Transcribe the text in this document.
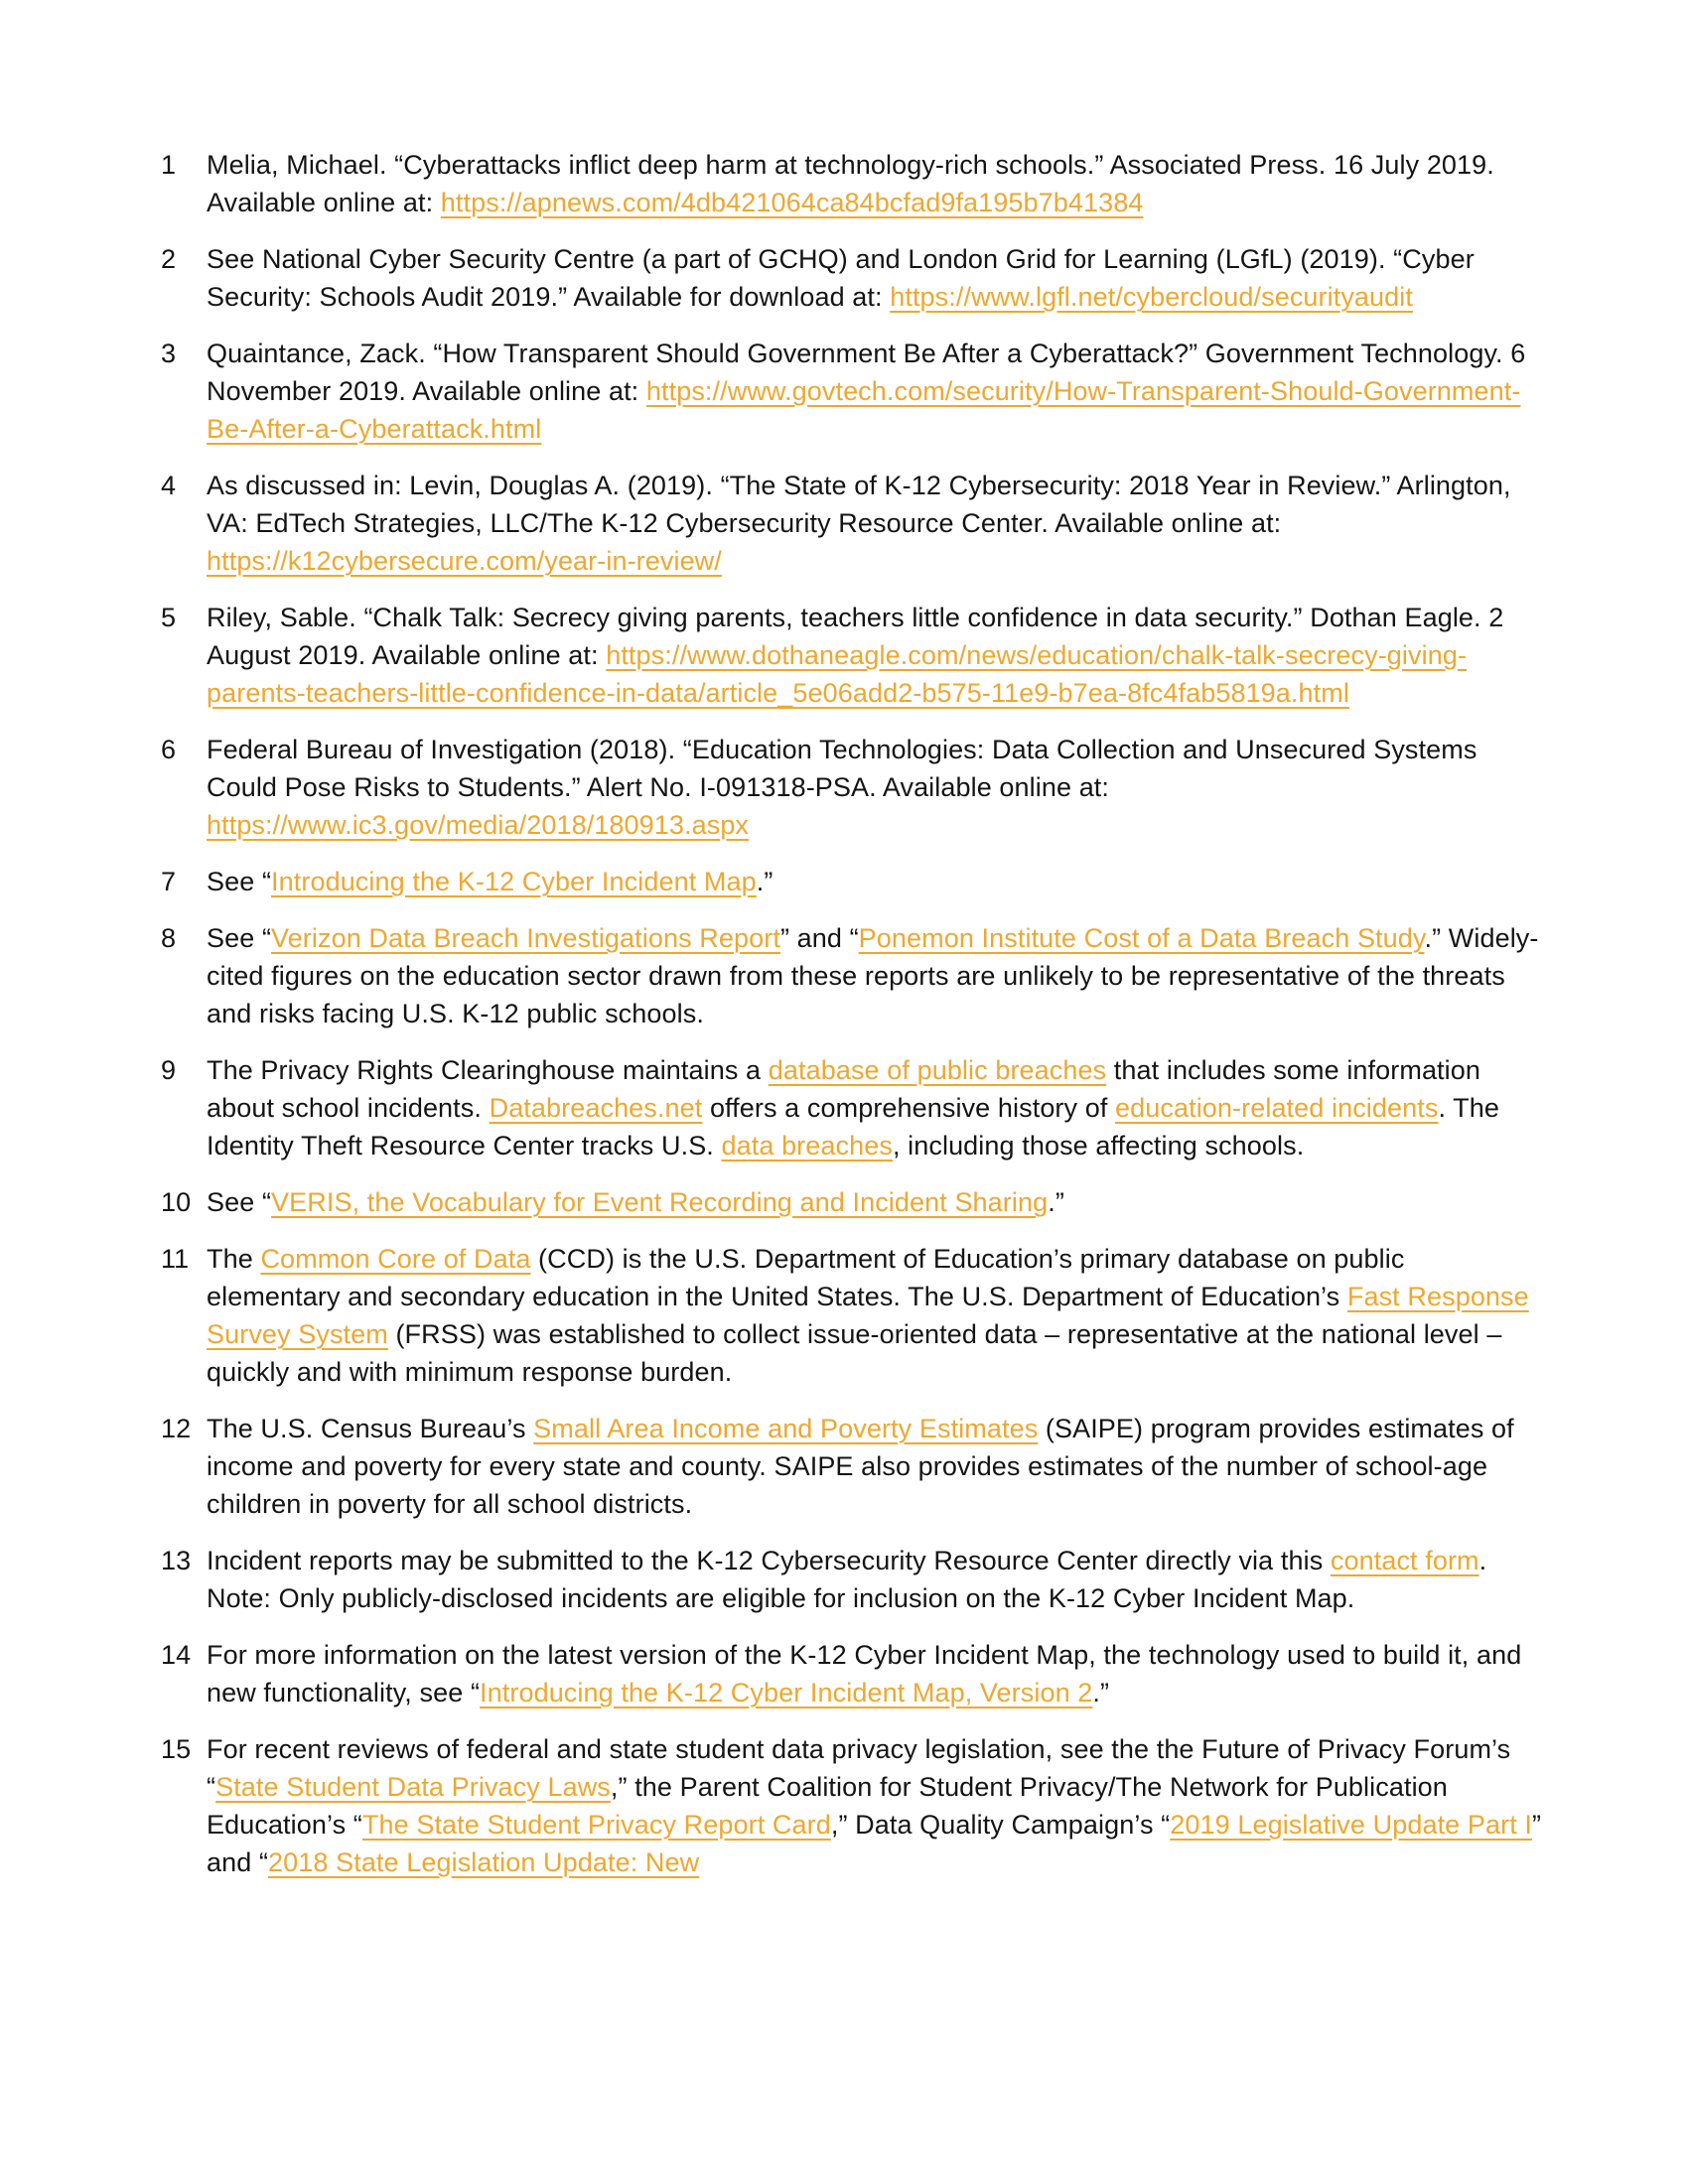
1	Melia, Michael. “Cyberattacks inflict deep harm at technology-rich schools.” Associated Press. 16 July 2019. Available online at: https://apnews.com/4db421064ca84bcfad9fa195b7b41384
2	See National Cyber Security Centre (a part of GCHQ) and London Grid for Learning (LGfL) (2019). “Cyber Security: Schools Audit 2019.” Available for download at: https://www.lgfl.net/cybercloud/securityaudit
3	Quaintance, Zack. “How Transparent Should Government Be After a Cyberattack?” Government Technology. 6 November 2019. Available online at: https://www.govtech.com/security/How-Transparent-Should-Government-Be-After-a-Cyberattack.html
4	As discussed in: Levin, Douglas A. (2019). “The State of K-12 Cybersecurity: 2018 Year in Review.” Arlington, VA: EdTech Strategies, LLC/The K-12 Cybersecurity Resource Center. Available online at: https://k12cybersecure.com/year-in-review/
5	Riley, Sable. “Chalk Talk: Secrecy giving parents, teachers little confidence in data security.” Dothan Eagle. 2 August 2019. Available online at: https://www.dothaneagle.com/news/education/chalk-talk-secrecy-giving-parents-teachers-little-confidence-in-data/article_5e06add2-b575-11e9-b7ea-8fc4fab5819a.html
6	Federal Bureau of Investigation (2018). “Education Technologies: Data Collection and Unsecured Systems Could Pose Risks to Students.” Alert No. I-091318-PSA. Available online at: https://www.ic3.gov/media/2018/180913.aspx
7	See “Introducing the K-12 Cyber Incident Map.”
8	See “Verizon Data Breach Investigations Report” and “Ponemon Institute Cost of a Data Breach Study.” Widely-cited figures on the education sector drawn from these reports are unlikely to be representative of the threats and risks facing U.S. K-12 public schools.
9	The Privacy Rights Clearinghouse maintains a database of public breaches that includes some information about school incidents. Databreaches.net offers a comprehensive history of education-related incidents. The Identity Theft Resource Center tracks U.S. data breaches, including those affecting schools.
10 See “VERIS, the Vocabulary for Event Recording and Incident Sharing.”
11 The Common Core of Data (CCD) is the U.S. Department of Education’s primary database on public elementary and secondary education in the United States. The U.S. Department of Education’s Fast Response Survey System (FRSS) was established to collect issue-oriented data – representative at the national level – quickly and with minimum response burden.
12 The U.S. Census Bureau’s Small Area Income and Poverty Estimates (SAIPE) program provides estimates of income and poverty for every state and county. SAIPE also provides estimates of the number of school-age children in poverty for all school districts.
13 Incident reports may be submitted to the K-12 Cybersecurity Resource Center directly via this contact form. Note: Only publicly-disclosed incidents are eligible for inclusion on the K-12 Cyber Incident Map.
14 For more information on the latest version of the K-12 Cyber Incident Map, the technology used to build it, and new functionality, see “Introducing the K-12 Cyber Incident Map, Version 2.”
15 For recent reviews of federal and state student data privacy legislation, see the the Future of Privacy Forum’s “State Student Data Privacy Laws,” the Parent Coalition for Student Privacy/The Network for Publication Education’s “The State Student Privacy Report Card,” Data Quality Campaign’s “2019 Legislative Update Part I” and “2018 State Legislation Update: New
